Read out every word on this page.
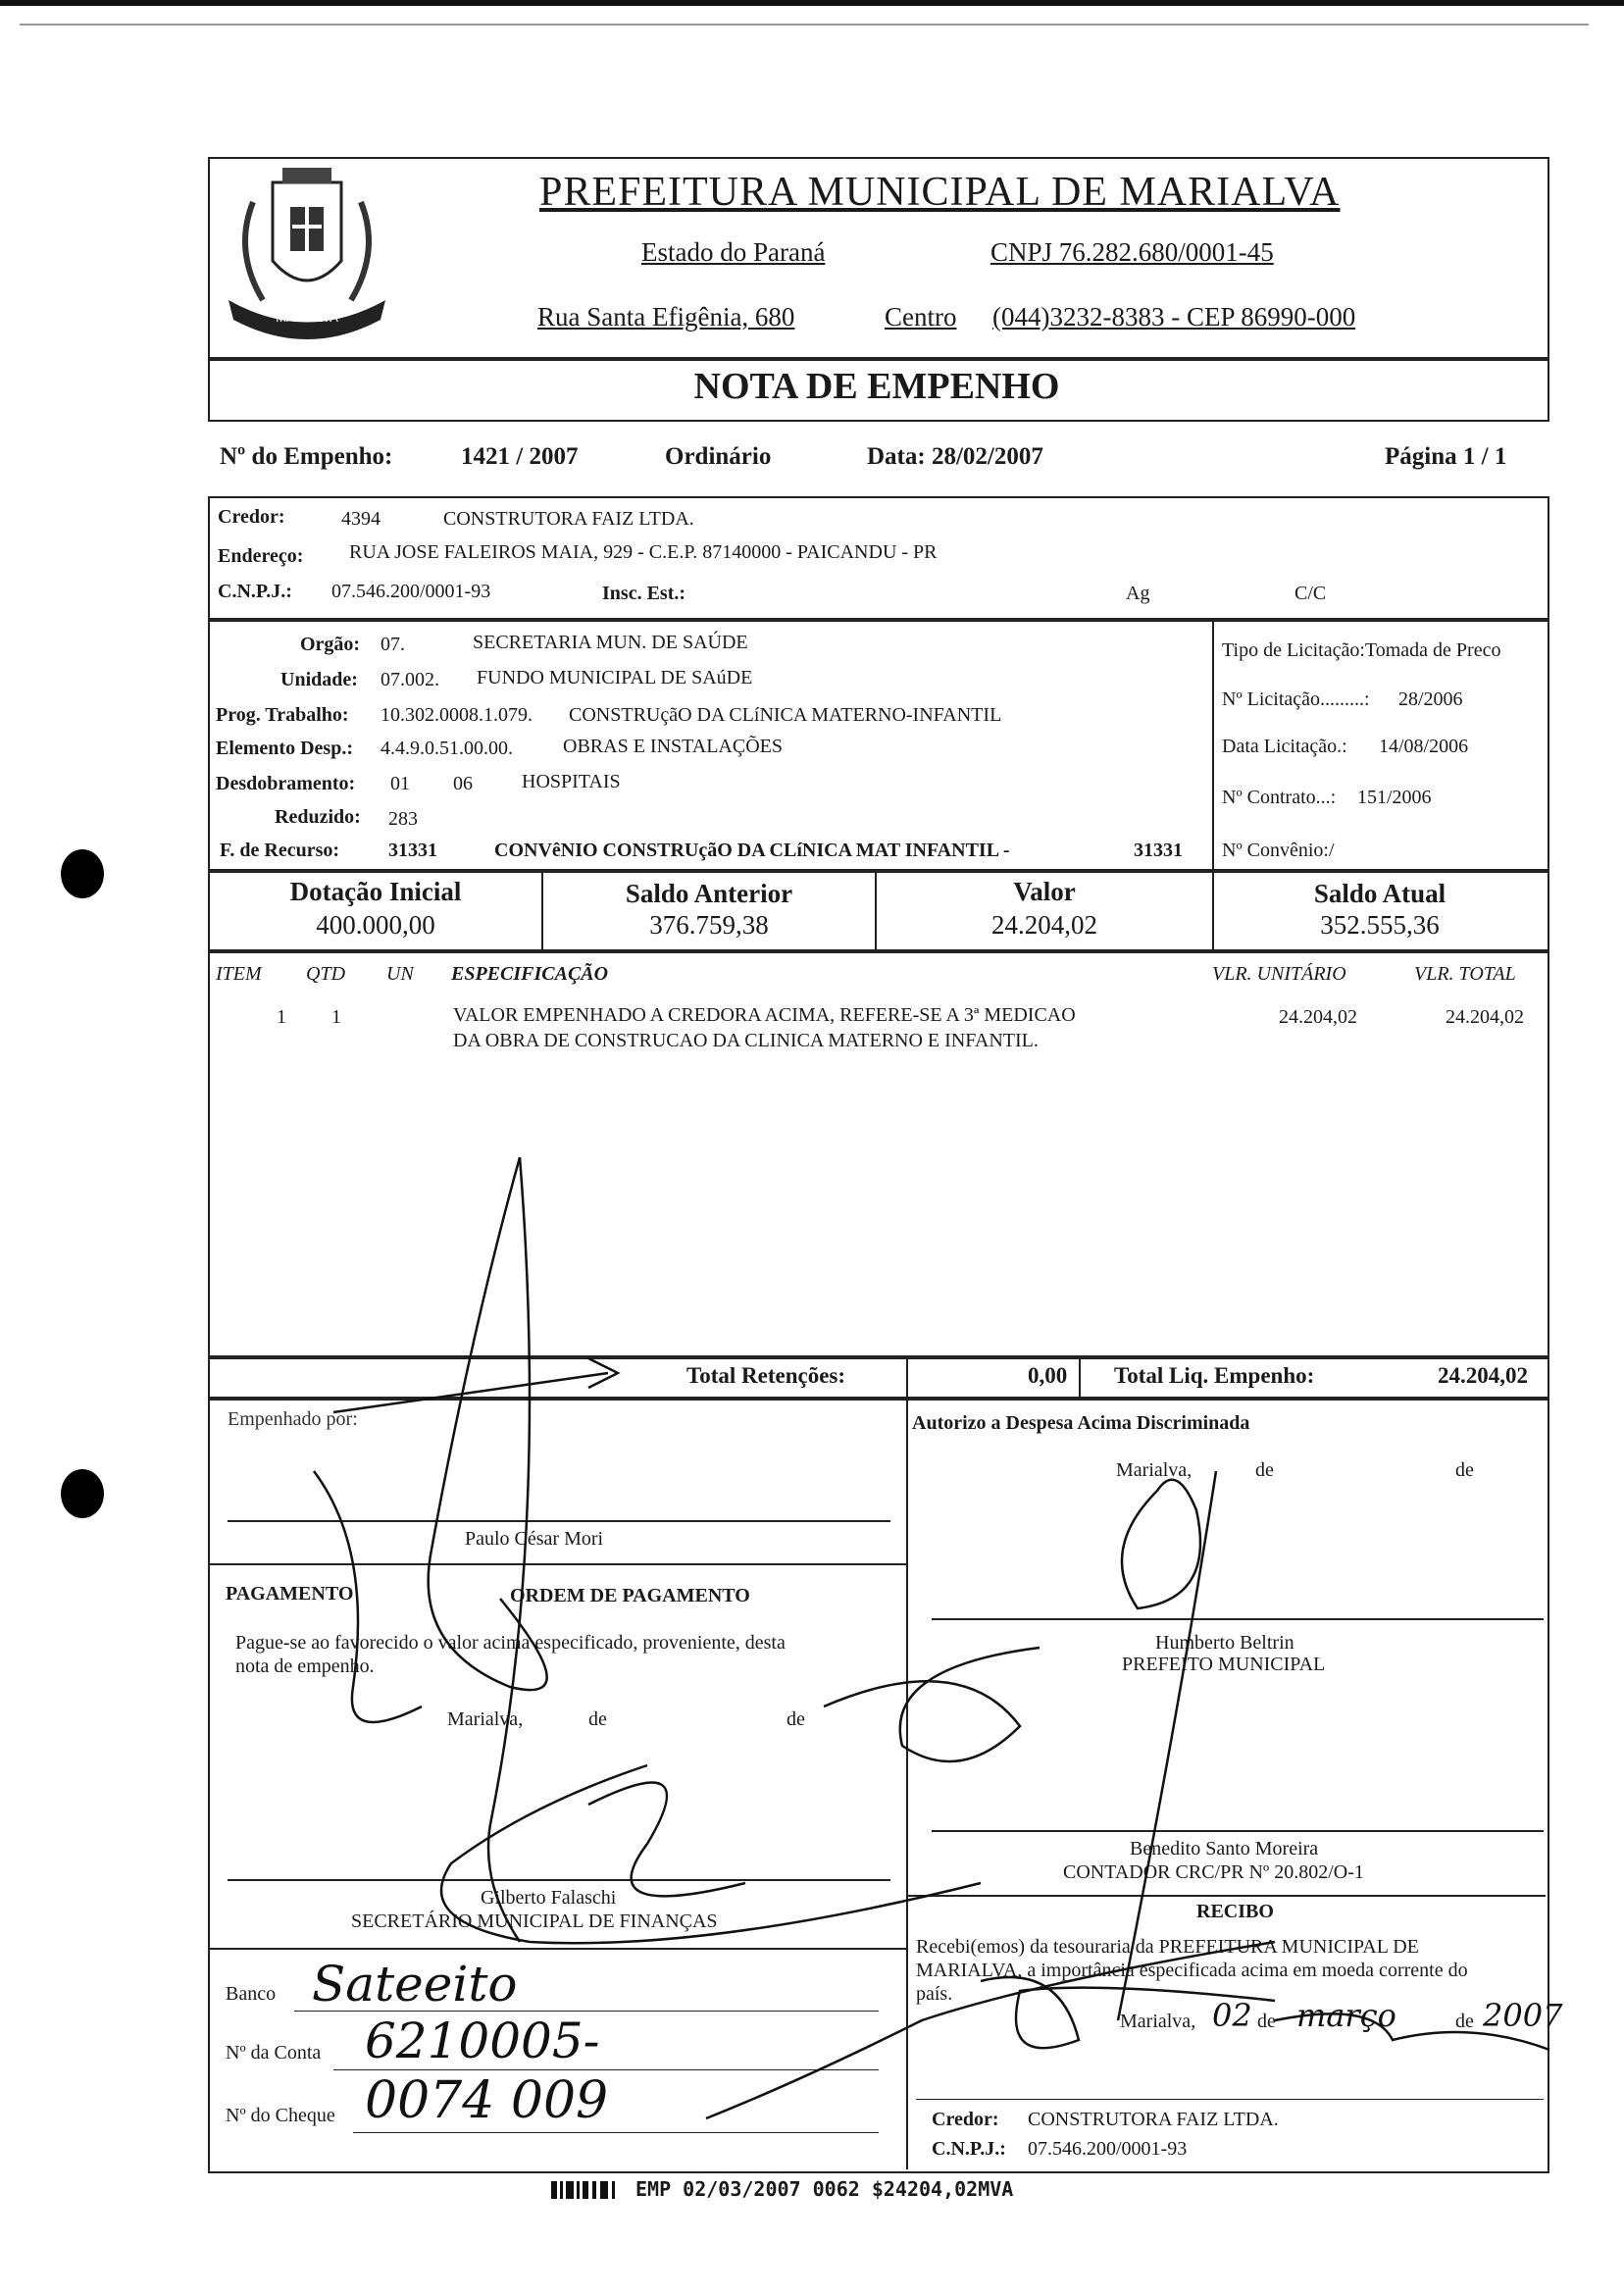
MARIALVA
PREFEITURA MUNICIPAL DE MARIALVA
Estado do Paraná	CNPJ 76.282.680/0001-45
Rua Santa Efigênia, 680	Centro (044)3232-8383 - CEP 86990-000
NOTA DE EMPENHO
Nº do Empenho:	1421 / 2007	Ordinário	Data: 28/02/2007	Página 1 / 1
Credor:	4394	CONSTRUTORA FAIZ LTDA.
Endereço: RUA JOSE FALEIROS MAIA, 929 - C.E.P. 87140000 - PAICANDU - PR
C.N.P.J.: 07.546.200/0001-93	Insc. Est.:	Ag	C/C
Orgão: 07.	SECRETARIA MUN. DE SAÚDE
Unidade: 07.002. FUNDO MUNICIPAL DE SAúDE
Prog. Trabalho: 10.302.0008.1.079. CONSTRUçãO DA CLíNICA MATERNO-INFANTIL
Elemento Desp.: 4.4.9.0.51.00.00.	OBRAS E INSTALAÇÕES
Desdobramento: 01 06	HOSPITAIS
Reduzido: 283
F. de Recurso: 31331	CONVêNIO CONSTRUçãO DA CLíNICA MAT INFANTIL -	31331
Tipo de Licitação:Tomada de Preco
Nº Licitação.........: 28/2006
Data Licitação.: 14/08/2006
Nº Contrato...: 151/2006
Nº Convênio:/
Dotação Inicial
400.000,00
Saldo Anterior
376.759,38
Valor
24.204,02
Saldo Atual
352.555,36
ITEM QTD UN ESPECIFICAÇÃO	VLR. UNITÁRIO	VLR. TOTAL
1 1	VALOR EMPENHADO A CREDORA ACIMA, REFERE-SE A 3ª MEDICAO
DA OBRA DE CONSTRUCAO DA CLINICA MATERNO E INFANTIL.
24.204,02	24.204,02
Total Retenções:	0,00 Total Liq. Empenho:	24.204,02
Empenhado por:
Paulo César Mori
Autorizo a Despesa Acima Discriminada
Marialva,	de	de
Humberto Beltrin
PREFEITO MUNICIPAL
PAGAMENTO	ORDEM DE PAGAMENTO
Pague-se ao favorecido o valor acima especificado, proveniente, desta
nota de empenho.
Marialva,	de	de
Gilberto Falaschi
SECRETÁRIO MUNICIPAL DE FINANÇAS
Benedito Santo Moreira
CONTADOR CRC/PR Nº 20.802/O-1
Banco Sateeito
Nº da Conta 6210005-
Nº do Cheque 0074 009
RECIBO
Recebi(emos) da tesouraria da PREFEITURA MUNICIPAL DE
MARIALVA, a importância especificada acima em moeda corrente do
país.
Marialva, 02 de março	de 2007
Credor: CONSTRUTORA FAIZ LTDA.
C.N.P.J.: 07.546.200/0001-93
EMP 02/03/2007 0062 $24204,02MVA
